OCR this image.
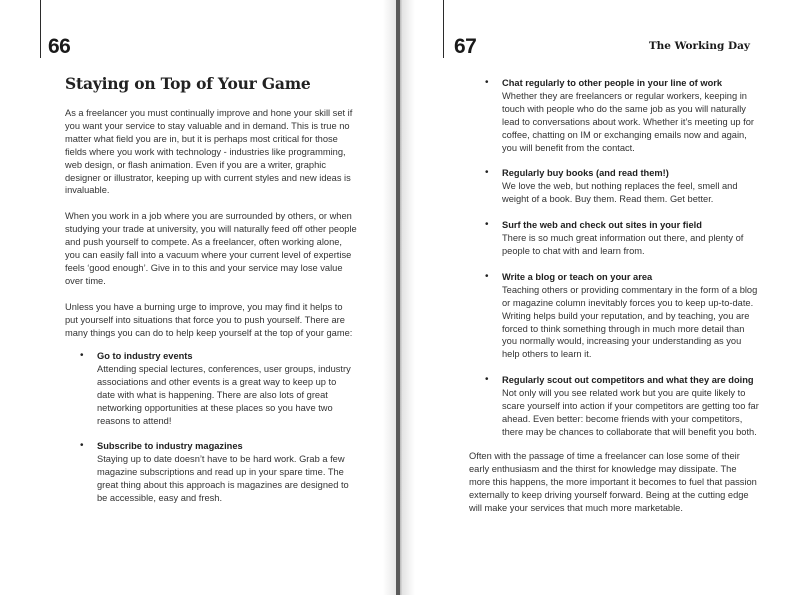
66
Staying on Top of Your Game

As a freelancer you must continually improve and hone your skill set if you want your service to stay valuable and in demand. This is true no matter what field you are in, but it is perhaps most critical for those fields where you work with technology - industries like programming, web design, or flash animation. Even if you are a writer, graphic designer or illustrator, keeping up with current styles and new ideas is invaluable.

When you work in a job where you are surrounded by others, or when studying your trade at university, you will naturally feed off other people and push yourself to compete. As a freelancer, often working alone, you can easily fall into a vacuum where your current level of expertise feels ‘good enough’. Give in to this and your service may lose value over time.

Unless you have a burning urge to improve, you may find it helps to put yourself into situations that force you to push yourself. There are many things you can do to help keep yourself at the top of your game:

• Go to industry events
Attending special lectures, conferences, user groups, industry associations and other events is a great way to keep up to date with what is happening. There are also lots of great networking opportunities at these places so you have two reasons to attend!
• Subscribe to industry magazines
Staying up to date doesn’t have to be hard work. Grab a few magazine subscriptions and read up in your spare time. The great thing about this approach is magazines are designed to be accessible, easy and fresh.
67	The Working Day
• Chat regularly to other people in your line of work
Whether they are freelancers or regular workers, keeping in touch with people who do the same job as you will naturally lead to conversations about work. Whether it’s meeting up for coffee, chatting on IM or exchanging emails now and again, you will benefit from the contact.
• Regularly buy books (and read them!)
We love the web, but nothing replaces the feel, smell and weight of a book. Buy them. Read them. Get better.
• Surf the web and check out sites in your field
There is so much great information out there, and plenty of people to chat with and learn from.
• Write a blog or teach on your area
Teaching others or providing commentary in the form of a blog or magazine column inevitably forces you to keep up-to-date. Writing helps build your reputation, and by teaching, you are forced to think something through in much more detail than you normally would, increasing your understanding as you help others to learn it.
• Regularly scout out competitors and what they are doing
Not only will you see related work but you are quite likely to scare yourself into action if your competitors are getting too far ahead. Even better: become friends with your competitors, there may be chances to collaborate that will benefit you both.

Often with the passage of time a freelancer can lose some of their early enthusiasm and the thirst for knowledge may dissipate. The more this happens, the more important it becomes to fuel that passion externally to keep driving yourself forward. Being at the cutting edge will make your services that much more marketable.
